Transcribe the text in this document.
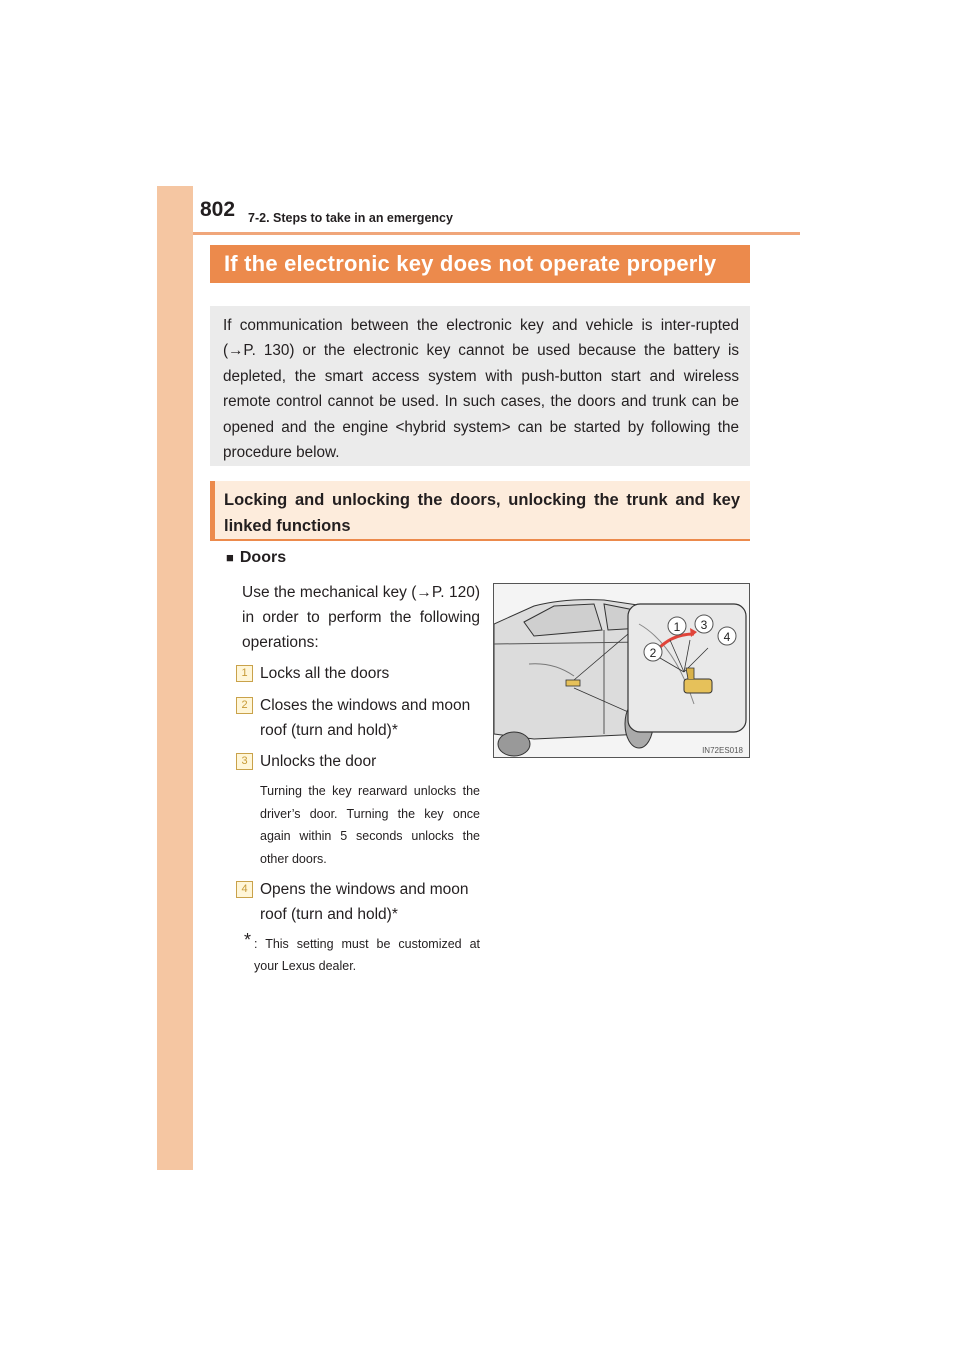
802 7-2. Steps to take in an emergency
If the electronic key does not operate properly
If communication between the electronic key and vehicle is inter-rupted (→P. 130) or the electronic key cannot be used because the battery is depleted, the smart access system with push-button start and wireless remote control cannot be used. In such cases, the doors and trunk can be opened and the engine <hybrid system> can be started by following the procedure below.
Locking and unlocking the doors, unlocking the trunk and key linked functions
■ Doors
Use the mechanical key (→P. 120) in order to perform the following operations:
1 Locks all the doors
2 Closes the windows and moon roof (turn and hold)*
3 Unlocks the door
Turning the key rearward unlocks the driver’s door. Turning the key once again within 5 seconds unlocks the other doors.
4 Opens the windows and moon roof (turn and hold)*
* : This setting must be customized at your Lexus dealer.
1
2
3
4
IN72ES018
